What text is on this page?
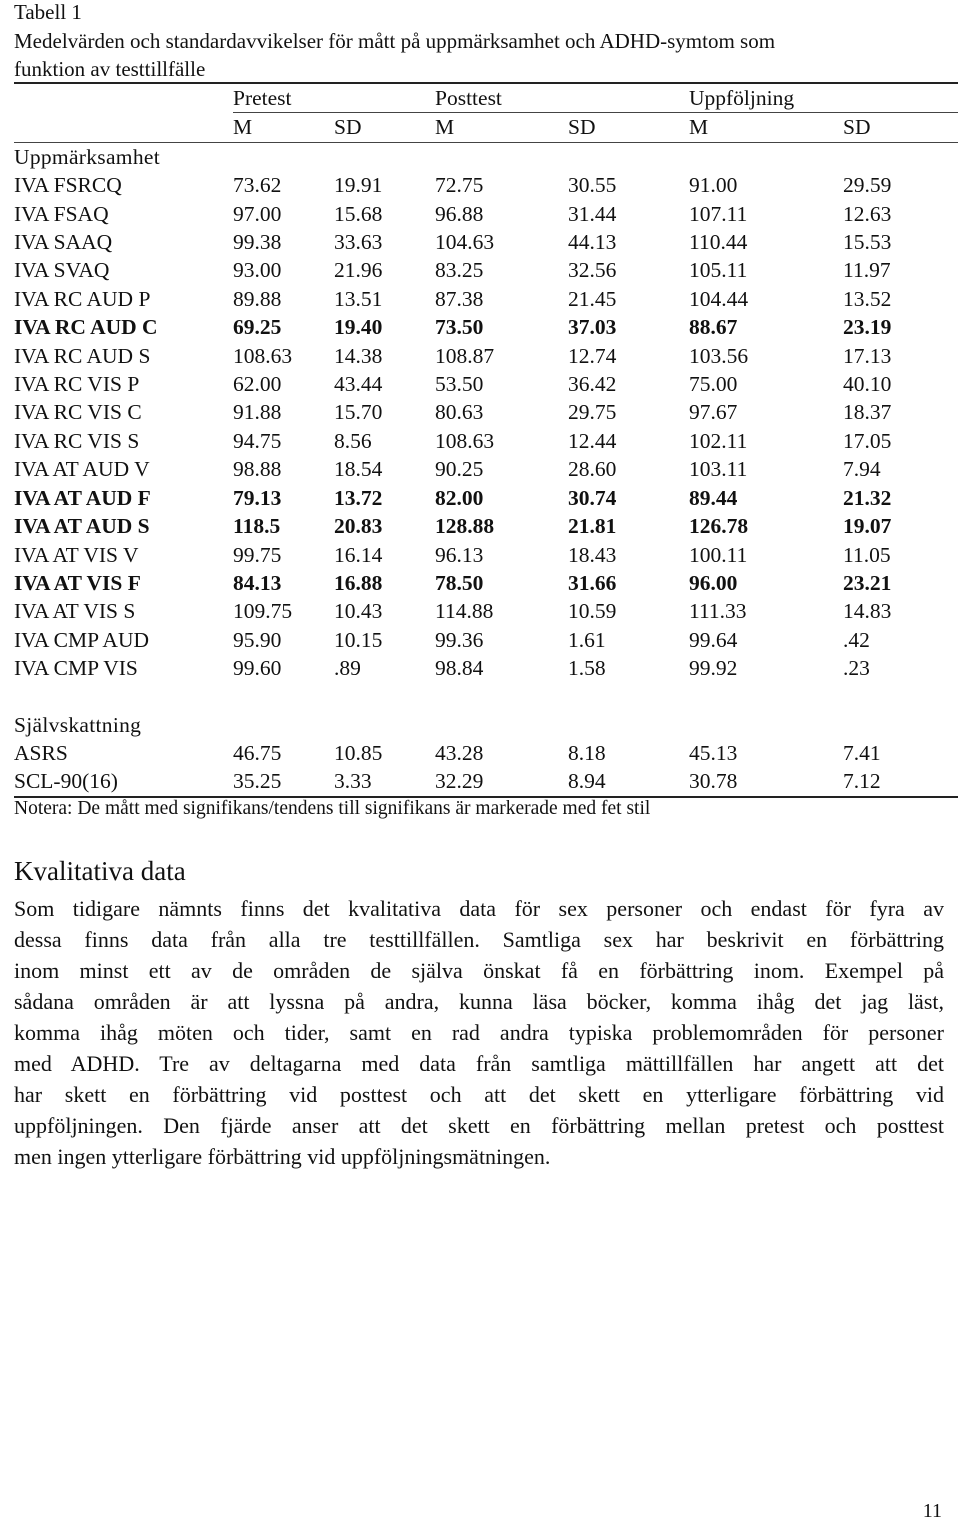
Tabell 1
Medelvärden och standardavvikelser för mått på uppmärksamhet och ADHD-symtom som
funktion av testtillfälle
	Pretest		Posttest		Uppföljning	
	M	SD	M	SD	M	SD
Uppmärksamhet						
IVA FSRCQ	73.62	19.91	72.75	30.55	91.00	29.59
IVA FSAQ	97.00	15.68	96.88	31.44	107.11	12.63
IVA SAAQ	99.38	33.63	104.63	44.13	110.44	15.53
IVA SVAQ	93.00	21.96	83.25	32.56	105.11	11.97
IVA RC AUD P	89.88	13.51	87.38	21.45	104.44	13.52
IVA RC AUD C	69.25	19.40	73.50	37.03	88.67	23.19
IVA RC AUD S	108.63	14.38	108.87	12.74	103.56	17.13
IVA RC VIS P	62.00	43.44	53.50	36.42	75.00	40.10
IVA RC VIS C	91.88	15.70	80.63	29.75	97.67	18.37
IVA RC VIS S	94.75	8.56	108.63	12.44	102.11	17.05
IVA AT AUD V	98.88	18.54	90.25	28.60	103.11	7.94
IVA AT AUD F	79.13	13.72	82.00	30.74	89.44	21.32
IVA AT AUD S	118.5	20.83	128.88	21.81	126.78	19.07
IVA AT VIS V	99.75	16.14	96.13	18.43	100.11	11.05
IVA AT VIS F	84.13	16.88	78.50	31.66	96.00	23.21
IVA AT VIS S	109.75	10.43	114.88	10.59	111.33	14.83
IVA CMP AUD	95.90	10.15	99.36	1.61	99.64	.42
IVA CMP VIS	99.60	.89	98.84	1.58	99.92	.23

Självskattning						
ASRS	46.75	10.85	43.28	8.18	45.13	7.41
SCL-90(16)	35.25	3.33	32.29	8.94	30.78	7.12
Notera: De mått med signifikans/tendens till signifikans är markerade med fet stil
Kvalitativa data
Som tidigare nämnts finns det kvalitativa data för sex personer och endast för fyra av
dessa finns data från alla tre testtillfällen. Samtliga sex har beskrivit en förbättring
inom minst ett av de områden de själva önskat få en förbättring inom. Exempel på
sådana områden är att lyssna på andra, kunna läsa böcker, komma ihåg det jag läst,
komma ihåg möten och tider, samt en rad andra typiska problemområden för personer
med ADHD. Tre av deltagarna med data från samtliga mättillfällen har angett att det
har skett en förbättring vid posttest och att det skett en ytterligare förbättring vid
uppföljningen. Den fjärde anser att det skett en förbättring mellan pretest och posttest
men ingen ytterligare förbättring vid uppföljningsmätningen.
11
